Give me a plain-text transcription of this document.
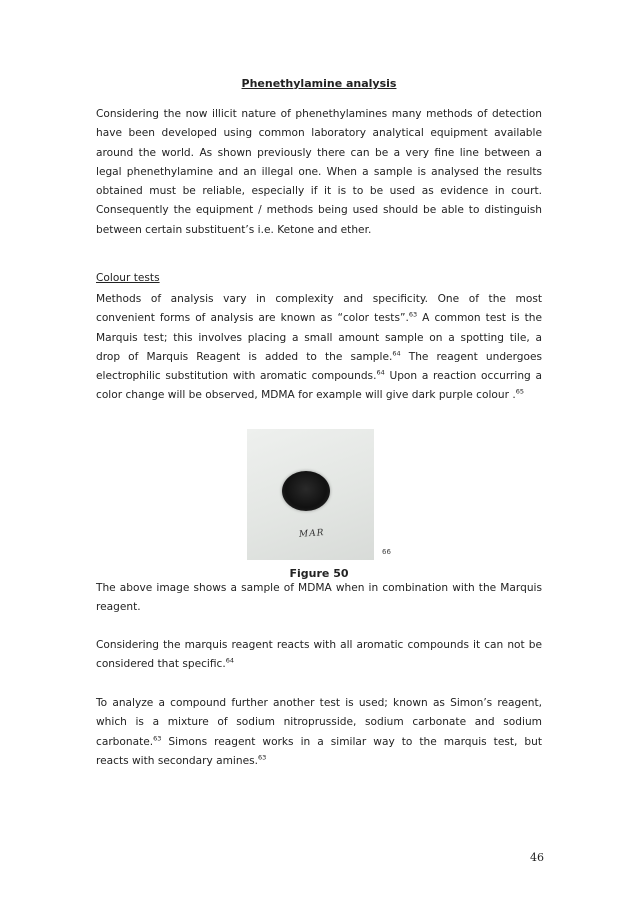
Phenethylamine analysis
Considering the now illicit nature of phenethylamines many methods of detection
have been developed using common laboratory analytical equipment available
around the world. As shown previously there can be a very fine line between a
legal phenethylamine and an illegal one. When a sample is analysed the results
obtained must be reliable, especially if it is to be used as evidence in court.
Consequently the equipment / methods being used should be able to distinguish
between certain substituent’s i.e. Ketone and ether.
Colour tests
Methods of analysis vary in complexity and specificity. One of the most
convenient forms of analysis are known as “color tests”.$^{63}$ A common test is the
Marquis test; this involves placing a small amount sample on a spotting tile, a
drop of Marquis Reagent is added to the sample.$^{64}$ The reagent undergoes
electrophilic substitution with aromatic compounds.$^{64}$ Upon a reaction occurring a
color change will be observed, MDMA for example will give dark purple colour .$^{65}$
MAR
66
Figure 50
The above image shows a sample of MDMA when in combination with the Marquis
reagent.
Considering the marquis reagent reacts with all aromatic compounds it can not be
considered that specific.$^{64}$
To analyze a compound further another test is used; known as Simon’s reagent,
which is a mixture of sodium nitroprusside, sodium carbonate and sodium
carbonate.$^{63}$ Simons reagent works in a similar way to the marquis test, but
reacts with secondary amines.$^{63}$
46
